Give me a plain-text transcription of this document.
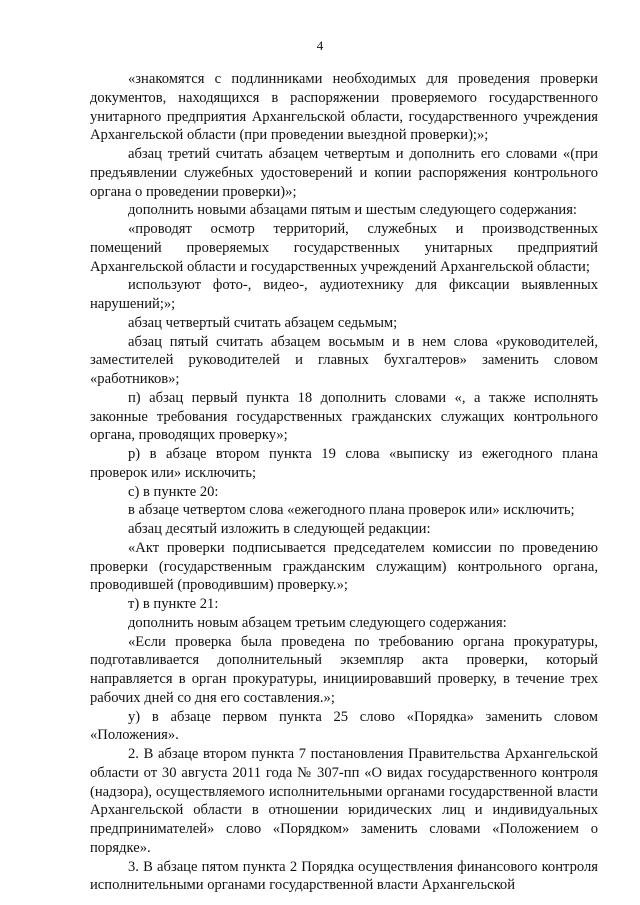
4

«знакомятся с подлинниками необходимых для проведения проверки документов, находящихся в распоряжении проверяемого государственного унитарного предприятия Архангельской области, государственного учреждения Архангельской области (при проведении выездной проверки);»;

абзац третий считать абзацем четвертым и дополнить его словами «(при предъявлении служебных удостоверений и копии распоряжения контрольного органа о проведении проверки)»;

дополнить новыми абзацами пятым и шестым следующего содержания:

«проводят осмотр территорий, служебных и производственных помещений проверяемых государственных унитарных предприятий Архангельской области и государственных учреждений Архангельской области;

используют фото-, видео-, аудиотехнику для фиксации выявленных нарушений;»;

абзац четвертый считать абзацем седьмым;

абзац пятый считать абзацем восьмым и в нем слова «руководителей, заместителей руководителей и главных бухгалтеров» заменить словом «работников»;

п) абзац первый пункта 18 дополнить словами «, а также исполнять законные требования государственных гражданских служащих контрольного органа, проводящих проверку»;

р) в абзаце втором пункта 19 слова «выписку из ежегодного плана проверок или» исключить;

с) в пункте 20:

в абзаце четвертом слова «ежегодного плана проверок или» исключить;

абзац десятый изложить в следующей редакции:

«Акт проверки подписывается председателем комиссии по проведению проверки (государственным гражданским служащим) контрольного органа, проводившей (проводившим) проверку.»;

т) в пункте 21:

дополнить новым абзацем третьим следующего содержания:

«Если проверка была проведена по требованию органа прокуратуры, подготавливается дополнительный экземпляр акта проверки, который направляется в орган прокуратуры, инициировавший проверку, в течение трех рабочих дней со дня его составления.»;

у) в абзаце первом пункта 25 слово «Порядка» заменить словом «Положения».

2. В абзаце втором пункта 7 постановления Правительства Архангельской области от 30 августа 2011 года № 307-пп «О видах государственного контроля (надзора), осуществляемого исполнительными органами государственной власти Архангельской области в отношении юридических лиц и индивидуальных предпринимателей» слово «Порядком» заменить словами «Положением о порядке».

3. В абзаце пятом пункта 2 Порядка осуществления финансового контроля исполнительными органами государственной власти Архангельской
